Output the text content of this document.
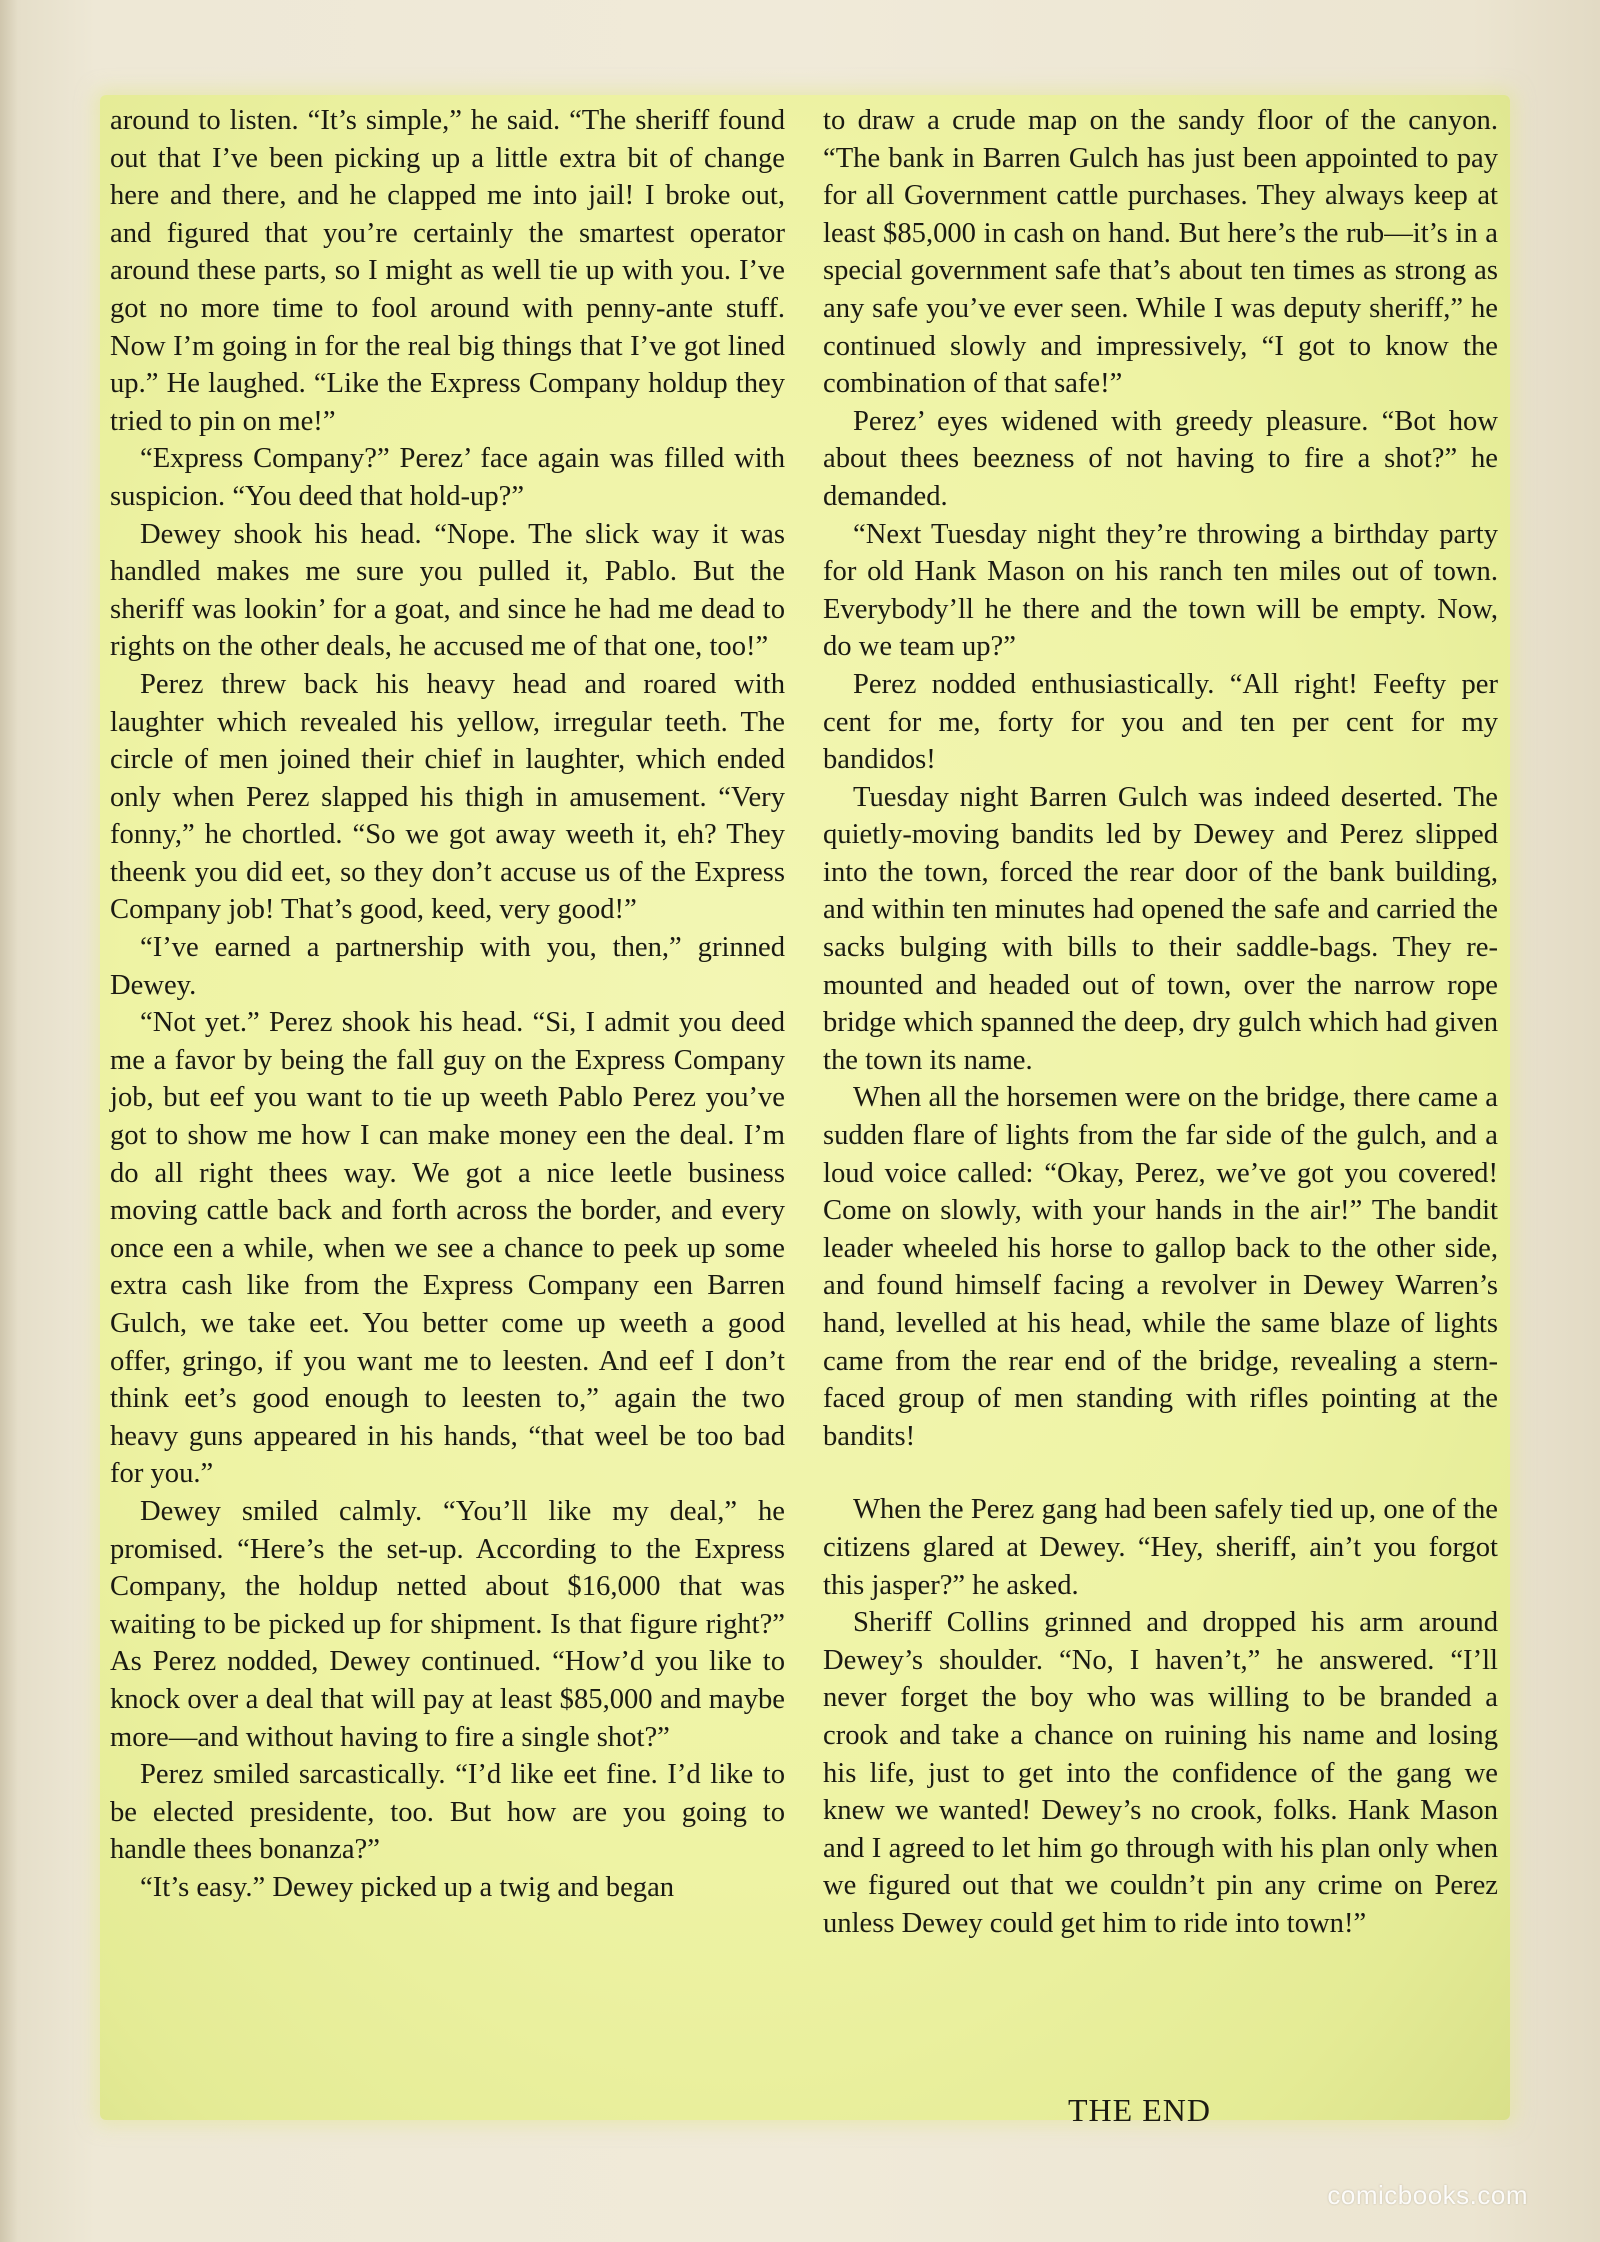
around to listen. “It’s simple,” he said. “The sheriff found out that I’ve been picking up a little extra bit of change here and there, and he clapped me into jail! I broke out, and figured that you’re certainly the smartest operator around these parts, so I might as well tie up with you. I’ve got no more time to fool around with penny-ante stuff. Now I’m going in for the real big things that I’ve got lined up.” He laughed. “Like the Express Company holdup they tried to pin on me!”

“Express Company?” Perez’ face again was filled with suspicion. “You deed that hold-up?”

Dewey shook his head. “Nope. The slick way it was handled makes me sure you pulled it, Pablo. But the sheriff was lookin’ for a goat, and since he had me dead to rights on the other deals, he accused me of that one, too!”

Perez threw back his heavy head and roared with laughter which revealed his yellow, irregular teeth. The circle of men joined their chief in laughter, which ended only when Perez slapped his thigh in amusement. “Very fonny,” he chortled. “So we got away weeth it, eh? They theenk you did eet, so they don’t accuse us of the Express Company job! That’s good, keed, very good!”

“I’ve earned a partnership with you, then,” grinned Dewey.

“Not yet.” Perez shook his head. “Si, I admit you deed me a favor by being the fall guy on the Express Company job, but eef you want to tie up weeth Pablo Perez you’ve got to show me how I can make money een the deal. I’m do all right thees way. We got a nice leetle business moving cattle back and forth across the border, and every once een a while, when we see a chance to peek up some extra cash like from the Express Company een Barren Gulch, we take eet. You better come up weeth a good offer, gringo, if you want me to leesten. And eef I don’t think eet’s good enough to leesten to,” again the two heavy guns appeared in his hands, “that weel be too bad for you.”

Dewey smiled calmly. “You’ll like my deal,” he promised. “Here’s the set-up. According to the Express Company, the holdup netted about $16,000 that was waiting to be picked up for shipment. Is that figure right?” As Perez nodded, Dewey continued. “How’d you like to knock over a deal that will pay at least $85,000 and maybe more—and without having to fire a single shot?”

Perez smiled sarcastically. “I’d like eet fine. I’d like to be elected presidente, too. But how are you going to handle thees bonanza?”

“It’s easy.” Dewey picked up a twig and began

to draw a crude map on the sandy floor of the canyon. “The bank in Barren Gulch has just been appointed to pay for all Government cattle purchases. They always keep at least $85,000 in cash on hand. But here’s the rub—it’s in a special government safe that’s about ten times as strong as any safe you’ve ever seen. While I was deputy sheriff,” he continued slowly and impressively, “I got to know the combination of that safe!”

Perez’ eyes widened with greedy pleasure. “Bot how about thees beezness of not having to fire a shot?” he demanded.

“Next Tuesday night they’re throwing a birthday party for old Hank Mason on his ranch ten miles out of town. Everybody’ll he there and the town will be empty. Now, do we team up?”

Perez nodded enthusiastically. “All right! Feefty per cent for me, forty for you and ten per cent for my bandidos!

Tuesday night Barren Gulch was indeed deserted. The quietly-moving bandits led by Dewey and Perez slipped into the town, forced the rear door of the bank building, and within ten minutes had opened the safe and carried the sacks bulging with bills to their saddle-bags. They re-mounted and headed out of town, over the narrow rope bridge which spanned the deep, dry gulch which had given the town its name.

When all the horsemen were on the bridge, there came a sudden flare of lights from the far side of the gulch, and a loud voice called: “Okay, Perez, we’ve got you covered! Come on slowly, with your hands in the air!” The bandit leader wheeled his horse to gallop back to the other side, and found himself facing a revolver in Dewey Warren’s hand, levelled at his head, while the same blaze of lights came from the rear end of the bridge, revealing a stern-faced group of men standing with rifles pointing at the bandits!

When the Perez gang had been safely tied up, one of the citizens glared at Dewey. “Hey, sheriff, ain’t you forgot this jasper?” he asked.

Sheriff Collins grinned and dropped his arm around Dewey’s shoulder. “No, I haven’t,” he answered. “I’ll never forget the boy who was willing to be branded a crook and take a chance on ruining his name and losing his life, just to get into the confidence of the gang we knew we wanted! Dewey’s no crook, folks. Hank Mason and I agreed to let him go through with his plan only when we figured out that we couldn’t pin any crime on Perez unless Dewey could get him to ride into town!”

THE END
comicbooks.com
